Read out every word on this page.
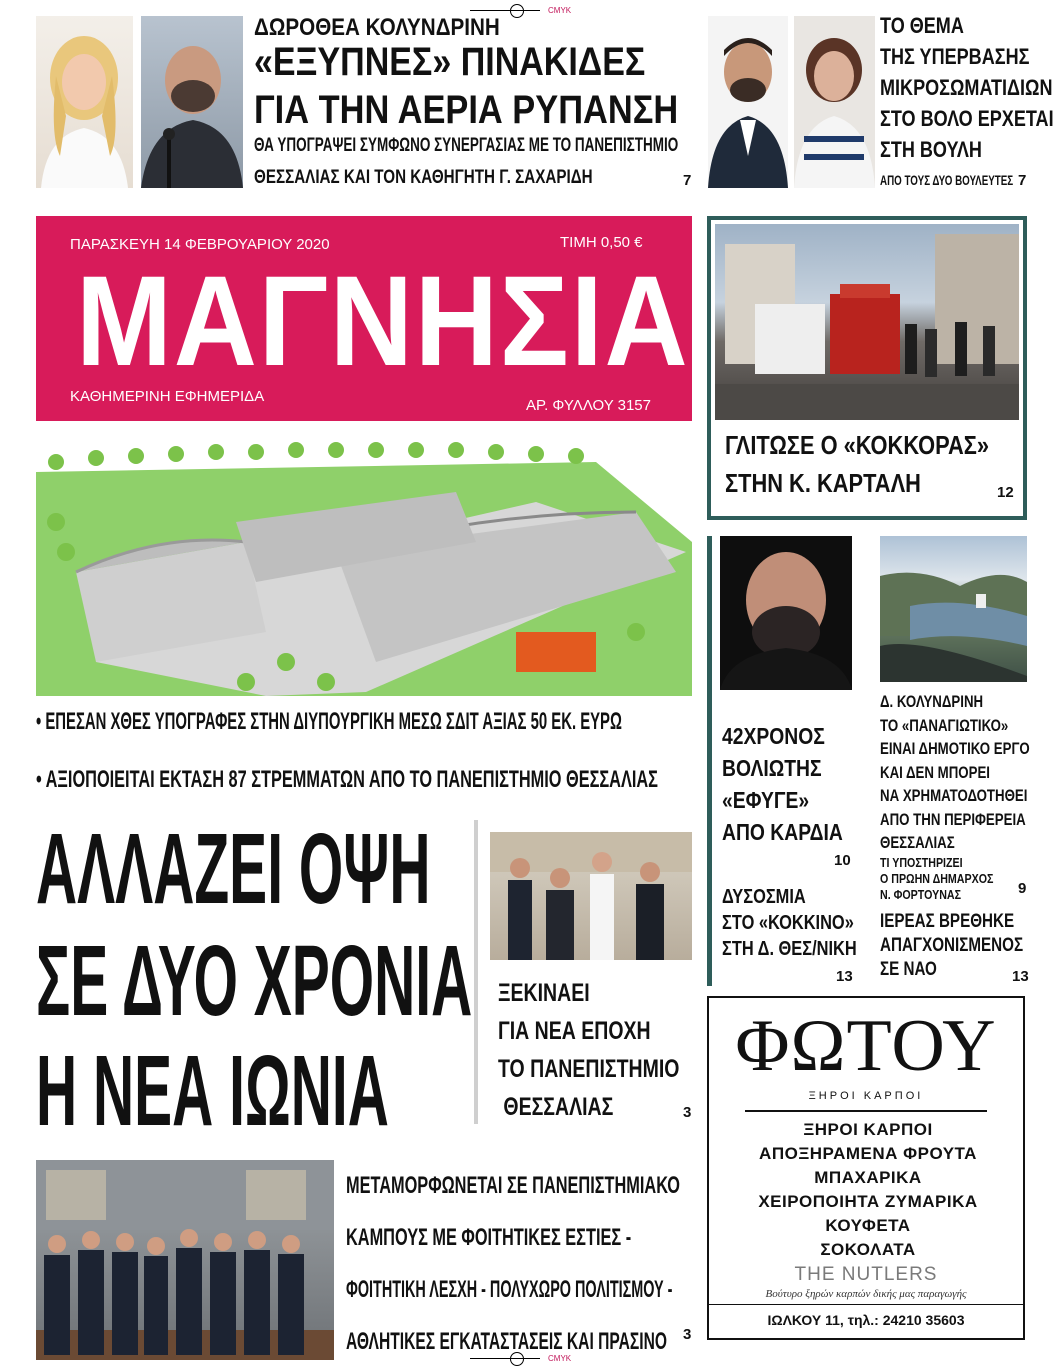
CMYK
CMYK
ΔΩΡΟΘΕΑ ΚΟΛΥΝΔΡΙΝΗ
«ΕΞΥΠΝΕΣ» ΠΙΝΑΚΙΔΕΣ
ΓΙΑ ΤΗΝ ΑΕΡΙΑ ΡΥΠΑΝΣΗ
ΘΑ ΥΠΟΓΡΑΨΕΙ ΣΥΜΦΩΝΟ ΣΥΝΕΡΓΑΣΙΑΣ ΜΕ ΤΟ ΠΑΝΕΠΙΣΤΗΜΙΟ
ΘΕΣΣΑΛΙΑΣ ΚΑΙ ΤΟΝ ΚΑΘΗΓΗΤΗ Γ. ΣΑΧΑΡΙΔΗ	7
ΤΟ ΘΕΜΑ
ΤΗΣ ΥΠΕΡΒΑΣΗΣ
ΜΙΚΡΟΣΩΜΑΤΙΔΙΩΝ
ΣΤΟ ΒΟΛΟ ΕΡΧΕΤΑΙ
ΣΤΗ ΒΟΥΛΗ
ΑΠΟ ΤΟΥΣ ΔΥΟ ΒΟΥΛΕΥΤΕΣ 7
ΠΑΡΑΣΚΕΥΗ 14 ΦΕΒΡΟΥΑΡΙΟΥ 2020	ΤΙΜΗ 0,50 €
ΜΑΓΝΗΣΙΑ
ΚΑΘΗΜΕΡΙΝΗ ΕΦΗΜΕΡΙΔΑ
ΑΡ. ΦΥΛΛΟΥ 3157
ΓΛΙΤΩΣΕ Ο «ΚΟΚΚΟΡΑΣ»
ΣΤΗΝ Κ. ΚΑΡΤΑΛΗ	12
• ΕΠΕΣΑΝ ΧΘΕΣ ΥΠΟΓΡΑΦΕΣ ΣΤΗΝ ΔΙΥΠΟΥΡΓΙΚΗ ΜΕΣΩ ΣΔΙΤ ΑΞΙΑΣ 50 ΕΚ. ΕΥΡΩ
• ΑΞΙΟΠΟΙΕΙΤΑΙ ΕΚΤΑΣΗ 87 ΣΤΡΕΜΜΑΤΩΝ ΑΠΟ ΤΟ ΠΑΝΕΠΙΣΤΗΜΙΟ ΘΕΣΣΑΛΙΑΣ
ΑΛΛΑΖΕΙ ΟΨΗ
ΣΕ ΔΥΟ ΧΡΟΝΙΑ
Η ΝΕΑ ΙΩΝΙΑ
ΞΕΚΙΝΑΕΙ
ΓΙΑ ΝΕΑ ΕΠΟΧΗ
ΤΟ ΠΑΝΕΠΙΣΤΗΜΙΟ
ΘΕΣΣΑΛΙΑΣ	3
ΜΕΤΑΜΟΡΦΩΝΕΤΑΙ ΣΕ ΠΑΝΕΠΙΣΤΗΜΙΑΚΟ
ΚΑΜΠΟΥΣ ΜΕ ΦΟΙΤΗΤΙΚΕΣ ΕΣΤΙΕΣ -
ΦΟΙΤΗΤΙΚΗ ΛΕΣΧΗ - ΠΟΛΥΧΩΡΟ ΠΟΛΙΤΙΣΜΟΥ -
ΑΘΛΗΤΙΚΕΣ ΕΓΚΑΤΑΣΤΑΣΕΙΣ ΚΑΙ ΠΡΑΣΙΝΟ	3
42ΧΡΟΝΟΣ
ΒΟΛΙΩΤΗΣ
«ΕΦΥΓΕ»
ΑΠΟ ΚΑΡΔΙΑ
10
ΔΥΣΟΣΜΙΑ
ΣΤΟ «ΚΟΚΚΙΝΟ»
ΣΤΗ Δ. ΘΕΣ/ΝΙΚΗ
13
Δ. ΚΟΛΥΝΔΡΙΝΗ
ΤΟ «ΠΑΝΑΓΙΩΤΙΚΟ»
ΕΙΝΑΙ ΔΗΜΟΤΙΚΟ ΕΡΓΟ
ΚΑΙ ΔΕΝ ΜΠΟΡΕΙ
ΝΑ ΧΡΗΜΑΤΟΔΟΤΗΘΕΙ
ΑΠΟ ΤΗΝ ΠΕΡΙΦΕΡΕΙΑ
ΘΕΣΣΑΛΙΑΣ
ΤΙ ΥΠΟΣΤΗΡΙΖΕΙ
Ο ΠΡΩΗΝ ΔΗΜΑΡΧΟΣ
Ν. ΦΟΡΤΟΥΝΑΣ	9
ΙΕΡΕΑΣ ΒΡΕΘΗΚΕ
ΑΠΑΓΧΟΝΙΣΜΕΝΟΣ
ΣΕ ΝΑΟ	13
ΦΩΤΟΥ
ΞΗΡΟΙ ΚΑΡΠΟΙ
ΞΗΡΟΙ ΚΑΡΠΟΙ
ΑΠΟΞΗΡΑΜΕΝΑ ΦΡΟΥΤΑ
ΜΠΑΧΑΡΙΚΑ
ΧΕΙΡΟΠΟΙΗΤΑ ΖΥΜΑΡΙΚΑ
ΚΟΥΦΕΤΑ
ΣΟΚΟΛΑΤΑ
THE NUTLERS
Βούτυρο ξηρών καρπών δικής μας παραγωγής
ΙΩΛΚΟΥ 11, τηλ.: 24210 35603
